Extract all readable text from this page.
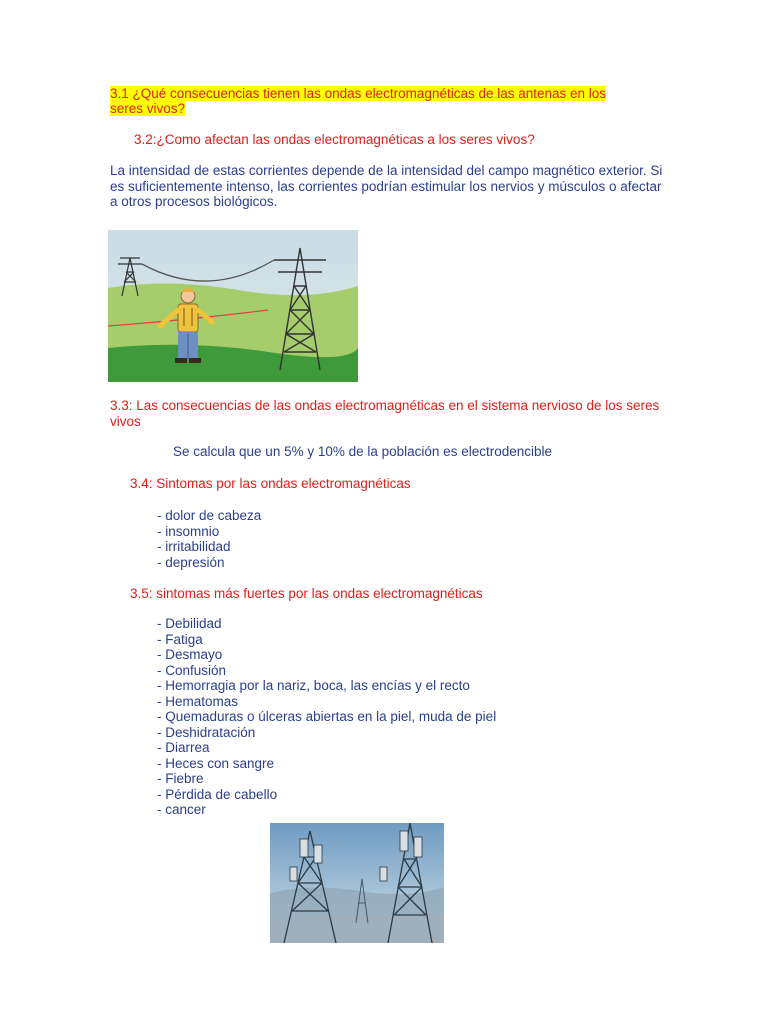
3.1 ¿Qué consecuencias tienen las ondas electromagnéticas de las antenas en los seres vivos?
3.2:¿Como afectan las ondas electromagnéticas a los seres vivos?
La intensidad de estas corrientes depende de la intensidad del campo magnético exterior. Si es suficientemente intenso, las corrientes podrían estimular los nervios y músculos o afectar a otros procesos biológicos.
3.3: Las consecuencias de las ondas electromagnéticas en el sistema nervioso de los seres vivos
Se calcula que un 5% y 10% de la población es electrodencible
3.4: Sintomas por las ondas electromagnéticas
- dolor de cabeza
- insomnio
- irritabilidad
- depresión
3.5: sintomas más fuertes por las ondas electromagnéticas
- Debilidad
- Fatiga
- Desmayo
- Confusión
- Hemorragia por la nariz, boca, las encías y el recto
- Hematomas
- Quemaduras o úlceras abiertas en la piel, muda de piel
- Deshidratación
- Diarrea
- Heces con sangre
- Fiebre
- Pérdida de cabello
- cancer
